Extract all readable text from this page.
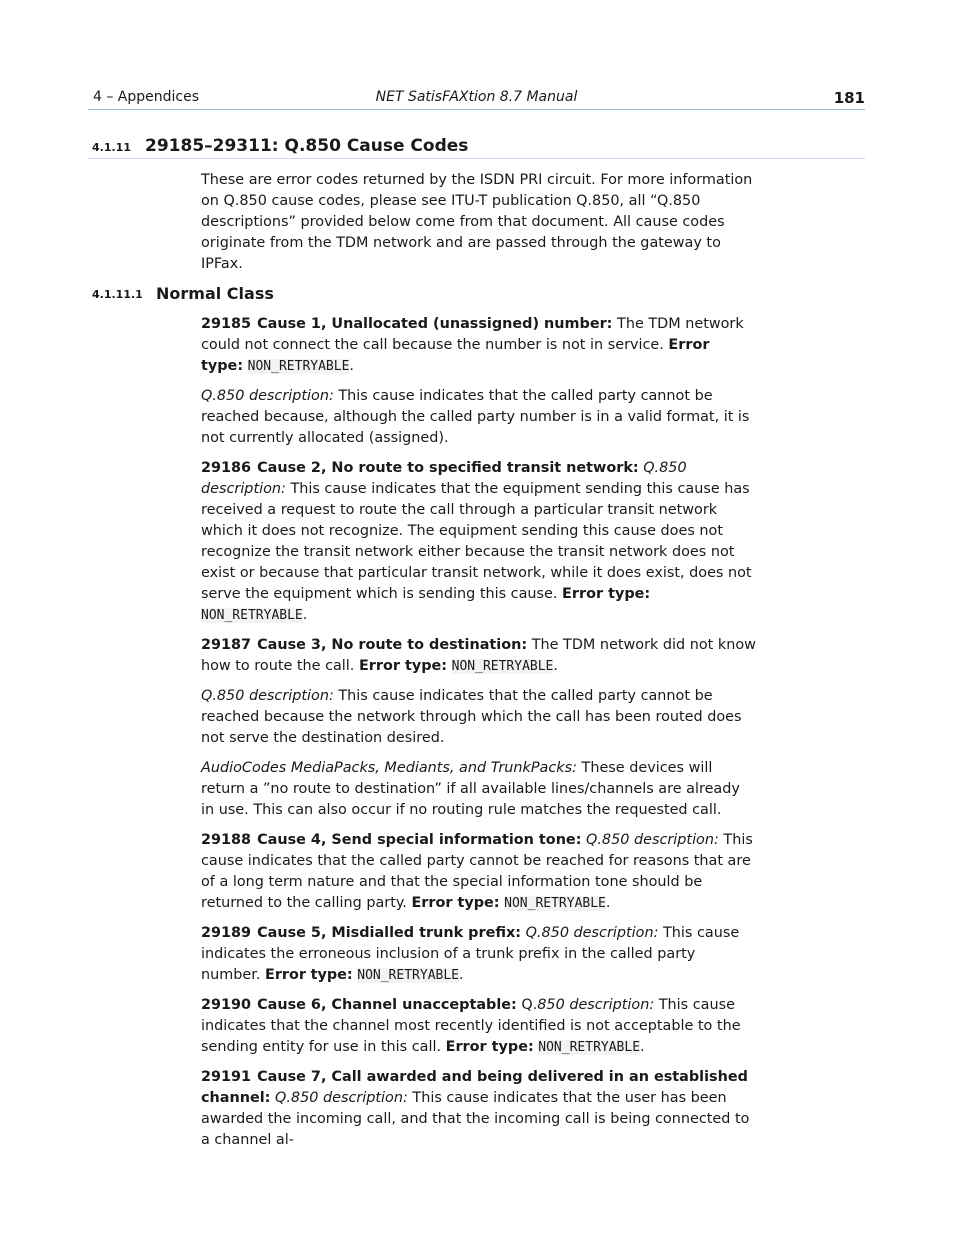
4 – Appendices	NET SatisFAXtion 8.7 Manual	181
4.1.11 29185–29311: Q.850 Cause Codes

These are error codes returned by the ISDN PRI circuit. For more information on Q.850 cause codes, please see ITU-T publication Q.850, all “Q.850 descriptions” provided below come from that document. All cause codes originate from the TDM network and are passed through the gateway to IPFax.

4.1.11.1 Normal Class

29185 Cause 1, Unallocated (unassigned) number: The TDM network could not connect the call because the number is not in service. Error type: NON_RETRYABLE.

Q.850 description: This cause indicates that the called party cannot be reached because, although the called party number is in a valid format, it is not currently allocated (assigned).

29186 Cause 2, No route to specified transit network: Q.850 description: This cause indicates that the equipment sending this cause has received a request to route the call through a particular transit network which it does not recognize. The equipment sending this cause does not recognize the transit network either because the transit network does not exist or because that particular transit network, while it does exist, does not serve the equipment which is sending this cause. Error type: NON_RETRYABLE.

29187 Cause 3, No route to destination: The TDM network did not know how to route the call. Error type: NON_RETRYABLE.

Q.850 description: This cause indicates that the called party cannot be reached because the network through which the call has been routed does not serve the destination desired.

AudioCodes MediaPacks, Mediants, and TrunkPacks: These devices will return a ”no route to destination” if all available lines/channels are already in use. This can also occur if no routing rule matches the requested call.

29188 Cause 4, Send special information tone: Q.850 description: This cause indicates that the called party cannot be reached for reasons that are of a long term nature and that the special information tone should be returned to the calling party. Error type: NON_RETRYABLE.

29189 Cause 5, Misdialled trunk prefix: Q.850 description: This cause indicates the erroneous inclusion of a trunk prefix in the called party number. Error type: NON_RETRYABLE.

29190 Cause 6, Channel unacceptable: Q.850 description: This cause indicates that the channel most recently identified is not acceptable to the sending entity for use in this call. Error type: NON_RETRYABLE.

29191 Cause 7, Call awarded and being delivered in an established channel: Q.850 description: This cause indicates that the user has been awarded the incoming call, and that the incoming call is being connected to a channel al-
